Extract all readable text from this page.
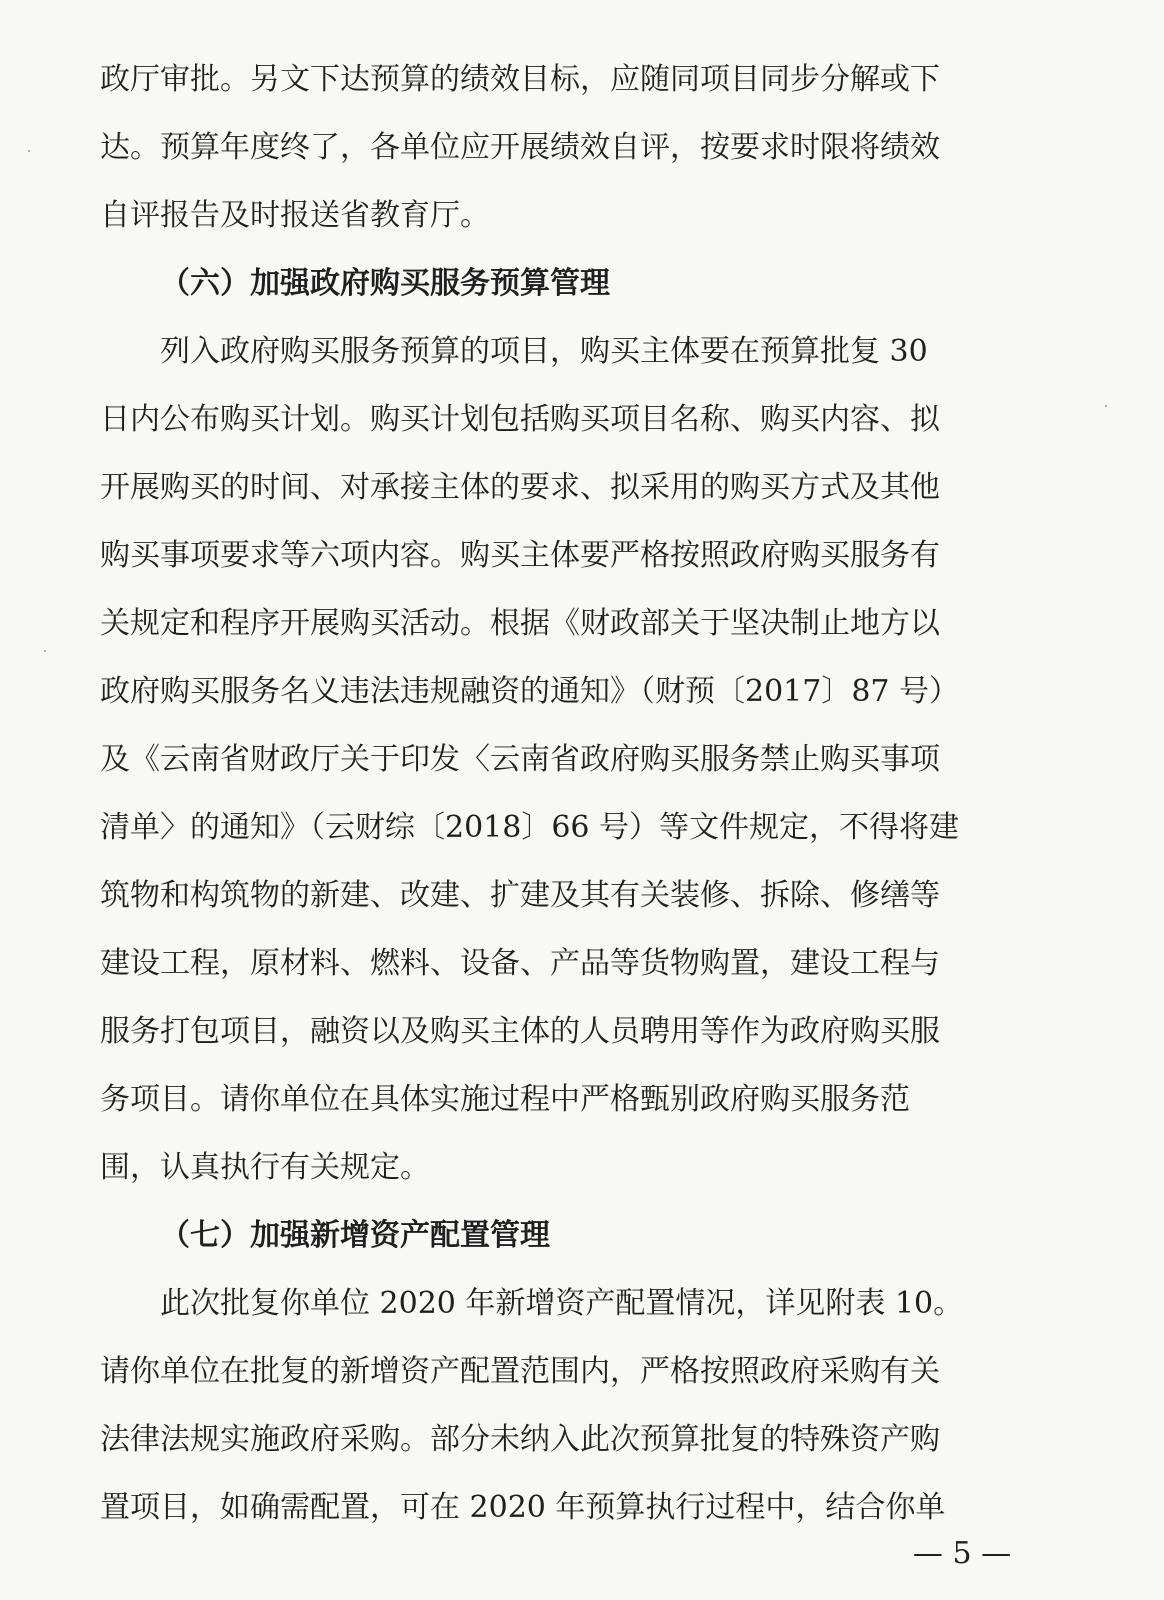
政厅审批。另文下达预算的绩效目标，应随同项目同步分解或下
达。预算年度终了，各单位应开展绩效自评，按要求时限将绩效
自评报告及时报送省教育厅。
（六）加强政府购买服务预算管理
列入政府购买服务预算的项目，购买主体要在预算批复 30
日内公布购买计划。购买计划包括购买项目名称、购买内容、拟
开展购买的时间、对承接主体的要求、拟采用的购买方式及其他
购买事项要求等六项内容。购买主体要严格按照政府购买服务有
关规定和程序开展购买活动。根据《财政部关于坚决制止地方以
政府购买服务名义违法违规融资的通知》（财预〔2017〕87 号）
及《云南省财政厅关于印发〈云南省政府购买服务禁止购买事项
清单〉的通知》（云财综〔2018〕66 号）等文件规定，不得将建
筑物和构筑物的新建、改建、扩建及其有关装修、拆除、修缮等
建设工程，原材料、燃料、设备、产品等货物购置，建设工程与
服务打包项目，融资以及购买主体的人员聘用等作为政府购买服
务项目。请你单位在具体实施过程中严格甄别政府购买服务范
围，认真执行有关规定。
（七）加强新增资产配置管理
此次批复你单位 2020 年新增资产配置情况，详见附表 10。
请你单位在批复的新增资产配置范围内，严格按照政府采购有关
法律法规实施政府采购。部分未纳入此次预算批复的特殊资产购
置项目，如确需配置，可在 2020 年预算执行过程中，结合你单
— 5 —
